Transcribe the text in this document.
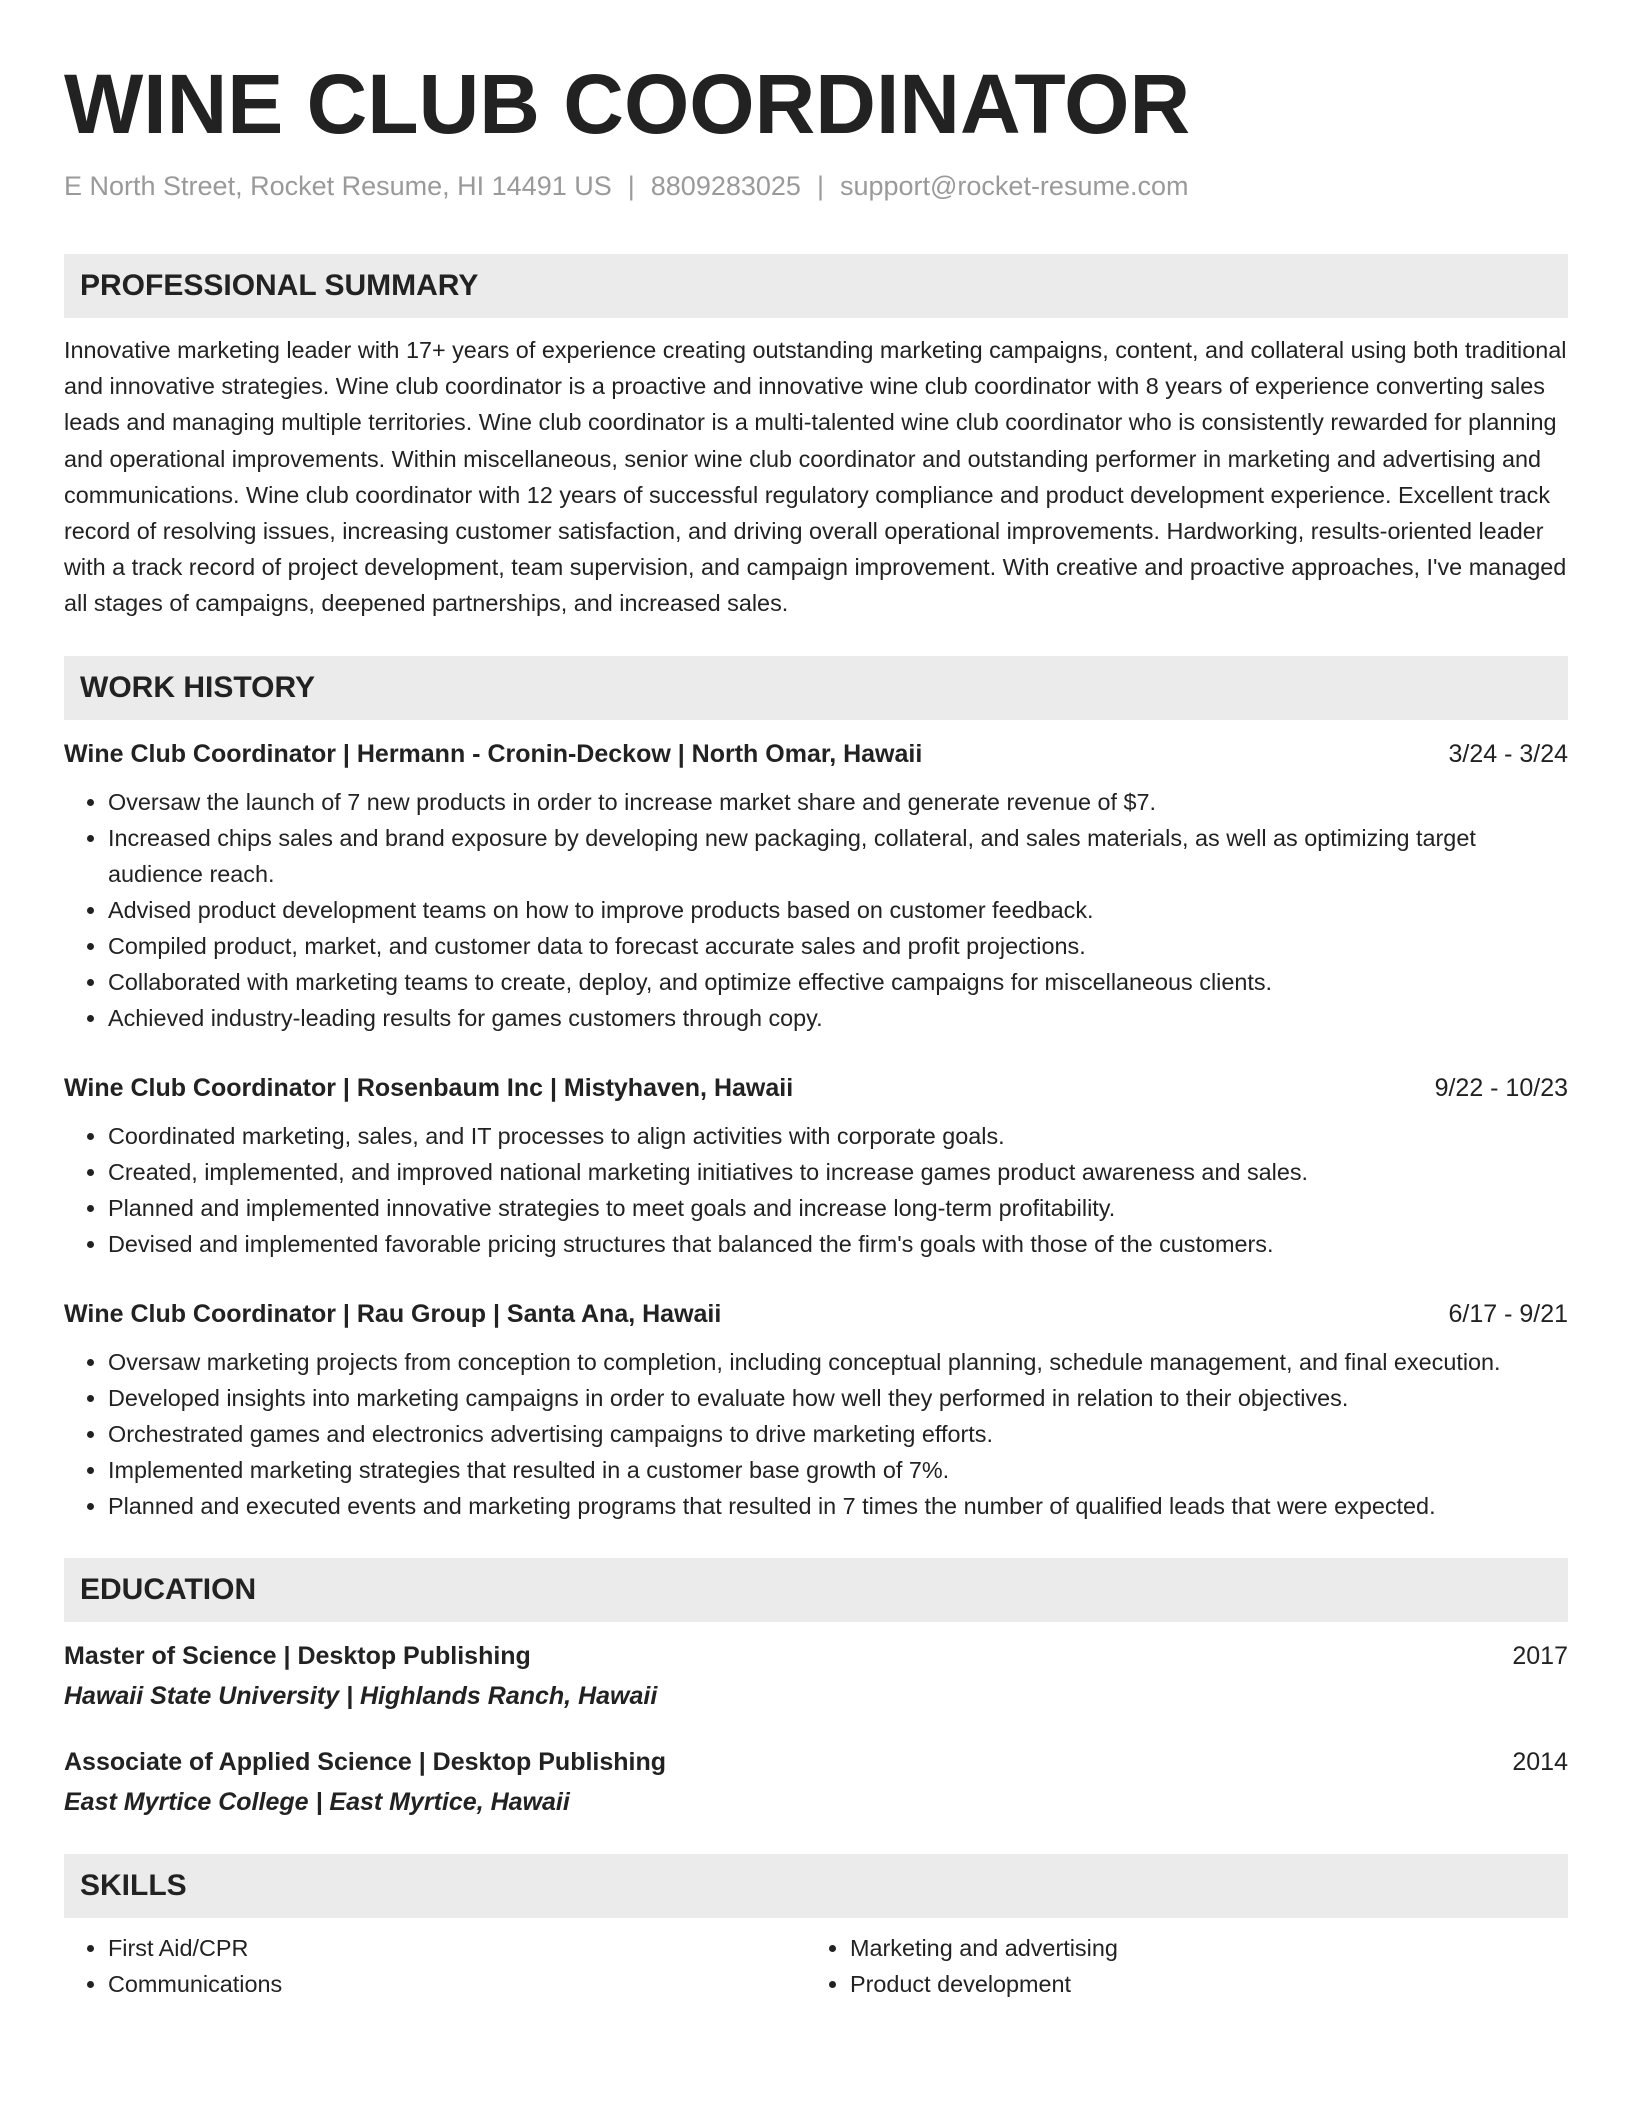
WINE CLUB COORDINATOR
E North Street, Rocket Resume, HI 14491 US | 8809283025 | support@rocket-resume.com
PROFESSIONAL SUMMARY
Innovative marketing leader with 17+ years of experience creating outstanding marketing campaigns, content, and collateral using both traditional and innovative strategies. Wine club coordinator is a proactive and innovative wine club coordinator with 8 years of experience converting sales leads and managing multiple territories. Wine club coordinator is a multi-talented wine club coordinator who is consistently rewarded for planning and operational improvements. Within miscellaneous, senior wine club coordinator and outstanding performer in marketing and advertising and communications. Wine club coordinator with 12 years of successful regulatory compliance and product development experience. Excellent track record of resolving issues, increasing customer satisfaction, and driving overall operational improvements. Hardworking, results-oriented leader with a track record of project development, team supervision, and campaign improvement. With creative and proactive approaches, I've managed all stages of campaigns, deepened partnerships, and increased sales.
WORK HISTORY
Wine Club Coordinator | Hermann - Cronin-Deckow | North Omar, Hawaii	3/24 - 3/24
• Oversaw the launch of 7 new products in order to increase market share and generate revenue of $7.
• Increased chips sales and brand exposure by developing new packaging, collateral, and sales materials, as well as optimizing target audience reach.
• Advised product development teams on how to improve products based on customer feedback.
• Compiled product, market, and customer data to forecast accurate sales and profit projections.
• Collaborated with marketing teams to create, deploy, and optimize effective campaigns for miscellaneous clients.
• Achieved industry-leading results for games customers through copy.
Wine Club Coordinator | Rosenbaum Inc | Mistyhaven, Hawaii	9/22 - 10/23
• Coordinated marketing, sales, and IT processes to align activities with corporate goals.
• Created, implemented, and improved national marketing initiatives to increase games product awareness and sales.
• Planned and implemented innovative strategies to meet goals and increase long-term profitability.
• Devised and implemented favorable pricing structures that balanced the firm's goals with those of the customers.
Wine Club Coordinator | Rau Group | Santa Ana, Hawaii	6/17 - 9/21
• Oversaw marketing projects from conception to completion, including conceptual planning, schedule management, and final execution.
• Developed insights into marketing campaigns in order to evaluate how well they performed in relation to their objectives.
• Orchestrated games and electronics advertising campaigns to drive marketing efforts.
• Implemented marketing strategies that resulted in a customer base growth of 7%.
• Planned and executed events and marketing programs that resulted in 7 times the number of qualified leads that were expected.
EDUCATION
Master of Science | Desktop Publishing	2017
Hawaii State University | Highlands Ranch, Hawaii
Associate of Applied Science | Desktop Publishing	2014
East Myrtice College | East Myrtice, Hawaii
SKILLS
• First Aid/CPR
• Communications
• Marketing and advertising
• Product development
